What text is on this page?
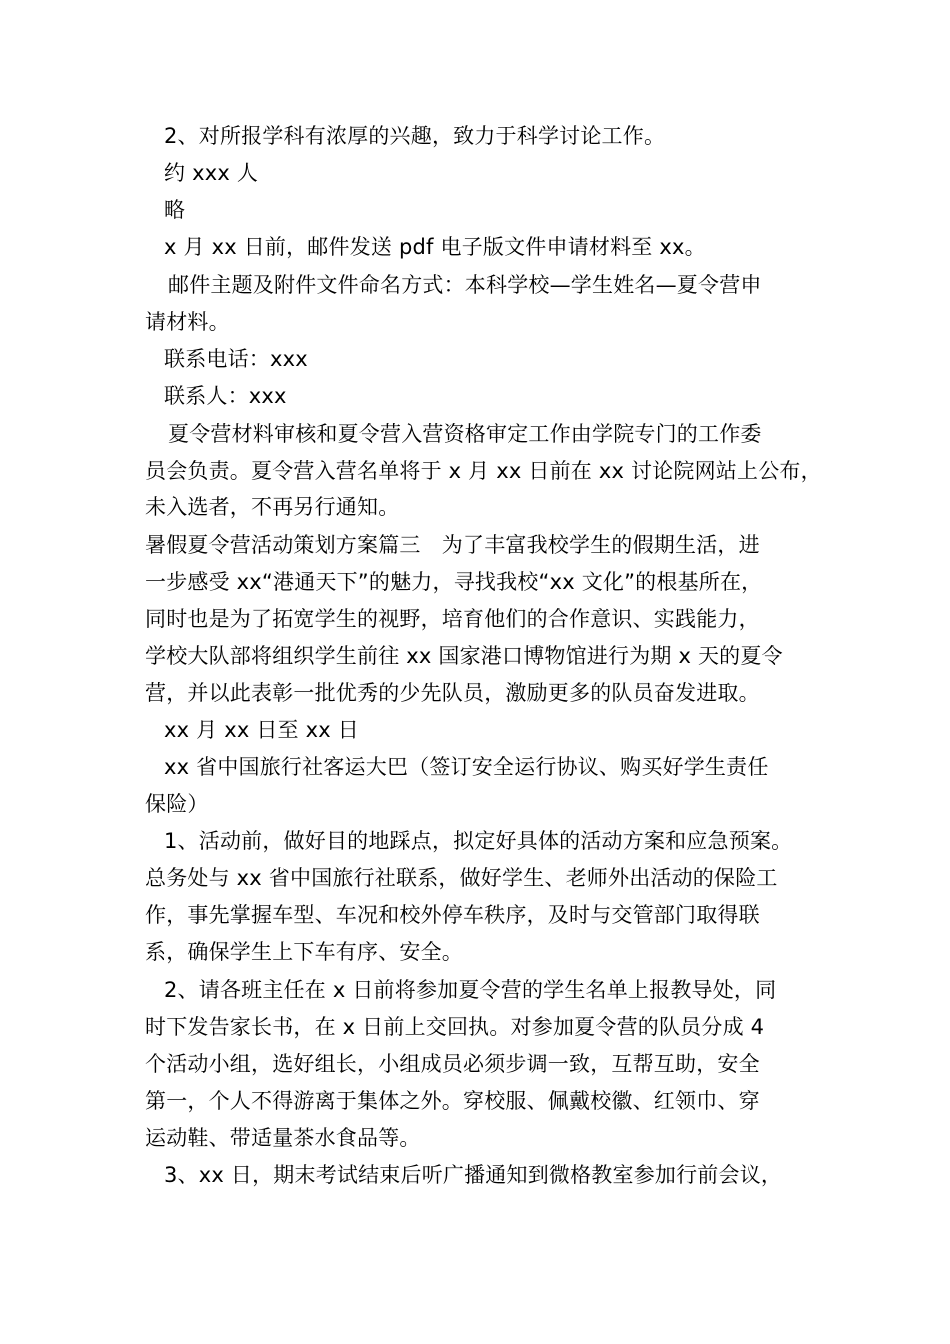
2、对所报学科有浓厚的兴趣，致力于科学讨论工作。
约 xxx 人
略
x 月 xx 日前，邮件发送 pdf 电子版文件申请材料至 xx。
邮件主题及附件文件命名方式：本科学校—学生姓名—夏令营申
请材料。
联系电话：xxx
联系人：xxx
夏令营材料审核和夏令营入营资格审定工作由学院专门的工作委
员会负责。夏令营入营名单将于 x 月 xx 日前在 xx 讨论院网站上公布，
未入选者，不再另行通知。
暑假夏令营活动策划方案篇三　为了丰富我校学生的假期生活，进
一步感受 xx“港通天下”的魅力，寻找我校“xx 文化”的根基所在，
同时也是为了拓宽学生的视野，培育他们的合作意识、实践能力，
学校大队部将组织学生前往 xx 国家港口博物馆进行为期 x 天的夏令
营，并以此表彰一批优秀的少先队员，激励更多的队员奋发进取。
xx 月 xx 日至 xx 日
xx 省中国旅行社客运大巴（签订安全运行协议、购买好学生责任
保险）
1、活动前，做好目的地踩点，拟定好具体的活动方案和应急预案。
总务处与 xx 省中国旅行社联系，做好学生、老师外出活动的保险工
作，事先掌握车型、车况和校外停车秩序，及时与交管部门取得联
系，确保学生上下车有序、安全。
2、请各班主任在 x 日前将参加夏令营的学生名单上报教导处，同
时下发告家长书，在 x 日前上交回执。对参加夏令营的队员分成 4
个活动小组，选好组长，小组成员必须步调一致，互帮互助，安全
第一，个人不得游离于集体之外。穿校服、佩戴校徽、红领巾、穿
运动鞋、带适量茶水食品等。
3、xx 日，期末考试结束后听广播通知到微格教室参加行前会议，
